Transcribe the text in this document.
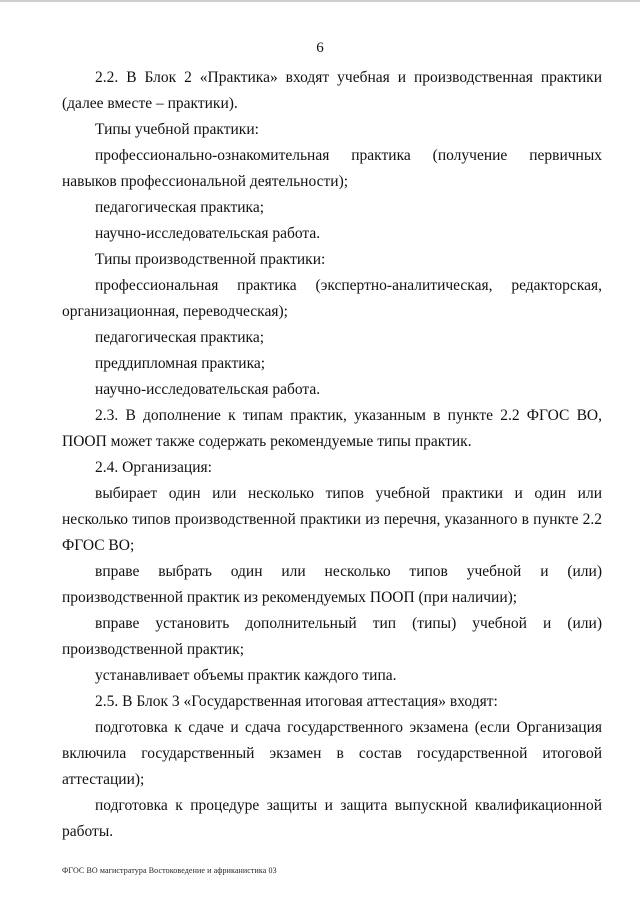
6

2.2. В Блок 2 «Практика» входят учебная и производственная практики (далее вместе – практики).

Типы учебной практики:

профессионально-ознакомительная практика (получение первичных навыков профессиональной деятельности);

педагогическая практика;

научно-исследовательская работа.

Типы производственной практики:

профессиональная практика (экспертно-аналитическая, редакторская, организационная, переводческая);

педагогическая практика;

преддипломная практика;

научно-исследовательская работа.

2.3. В дополнение к типам практик, указанным в пункте 2.2 ФГОС ВО, ПООП может также содержать рекомендуемые типы практик.

2.4. Организация:

выбирает один или несколько типов учебной практики и один или несколько типов производственной практики из перечня, указанного в пункте 2.2 ФГОС ВО;

вправе выбрать один или несколько типов учебной и (или) производственной практик из рекомендуемых ПООП (при наличии);

вправе установить дополнительный тип (типы) учебной и (или) производственной практик;

устанавливает объемы практик каждого типа.

2.5. В Блок 3 «Государственная итоговая аттестация» входят:

подготовка к сдаче и сдача государственного экзамена (если Организация включила государственный экзамен в состав государственной итоговой аттестации);

подготовка к процедуре защиты и защита выпускной квалификационной работы.

ФГОС ВО магистратура Востоковедение и африканистика 03
